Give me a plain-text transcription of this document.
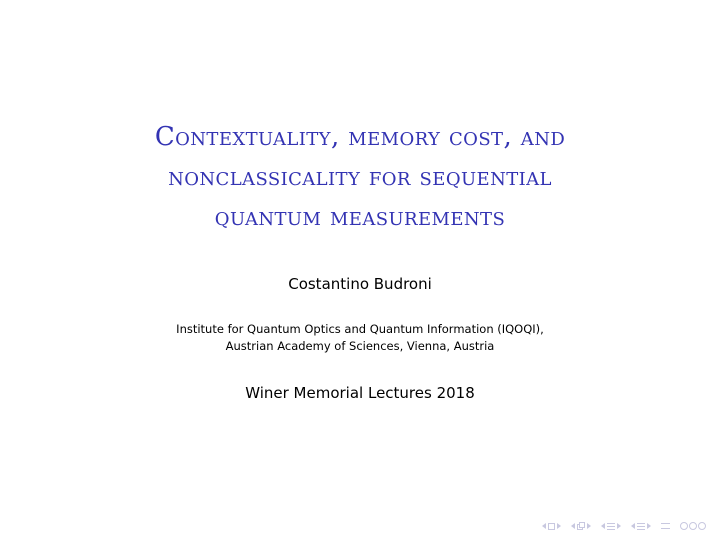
Contextuality, memory cost, and
nonclassicality for sequential
quantum measurements
Costantino Budroni
Institute for Quantum Optics and Quantum Information (IQOQI),
Austrian Academy of Sciences, Vienna, Austria
Winer Memorial Lectures 2018
